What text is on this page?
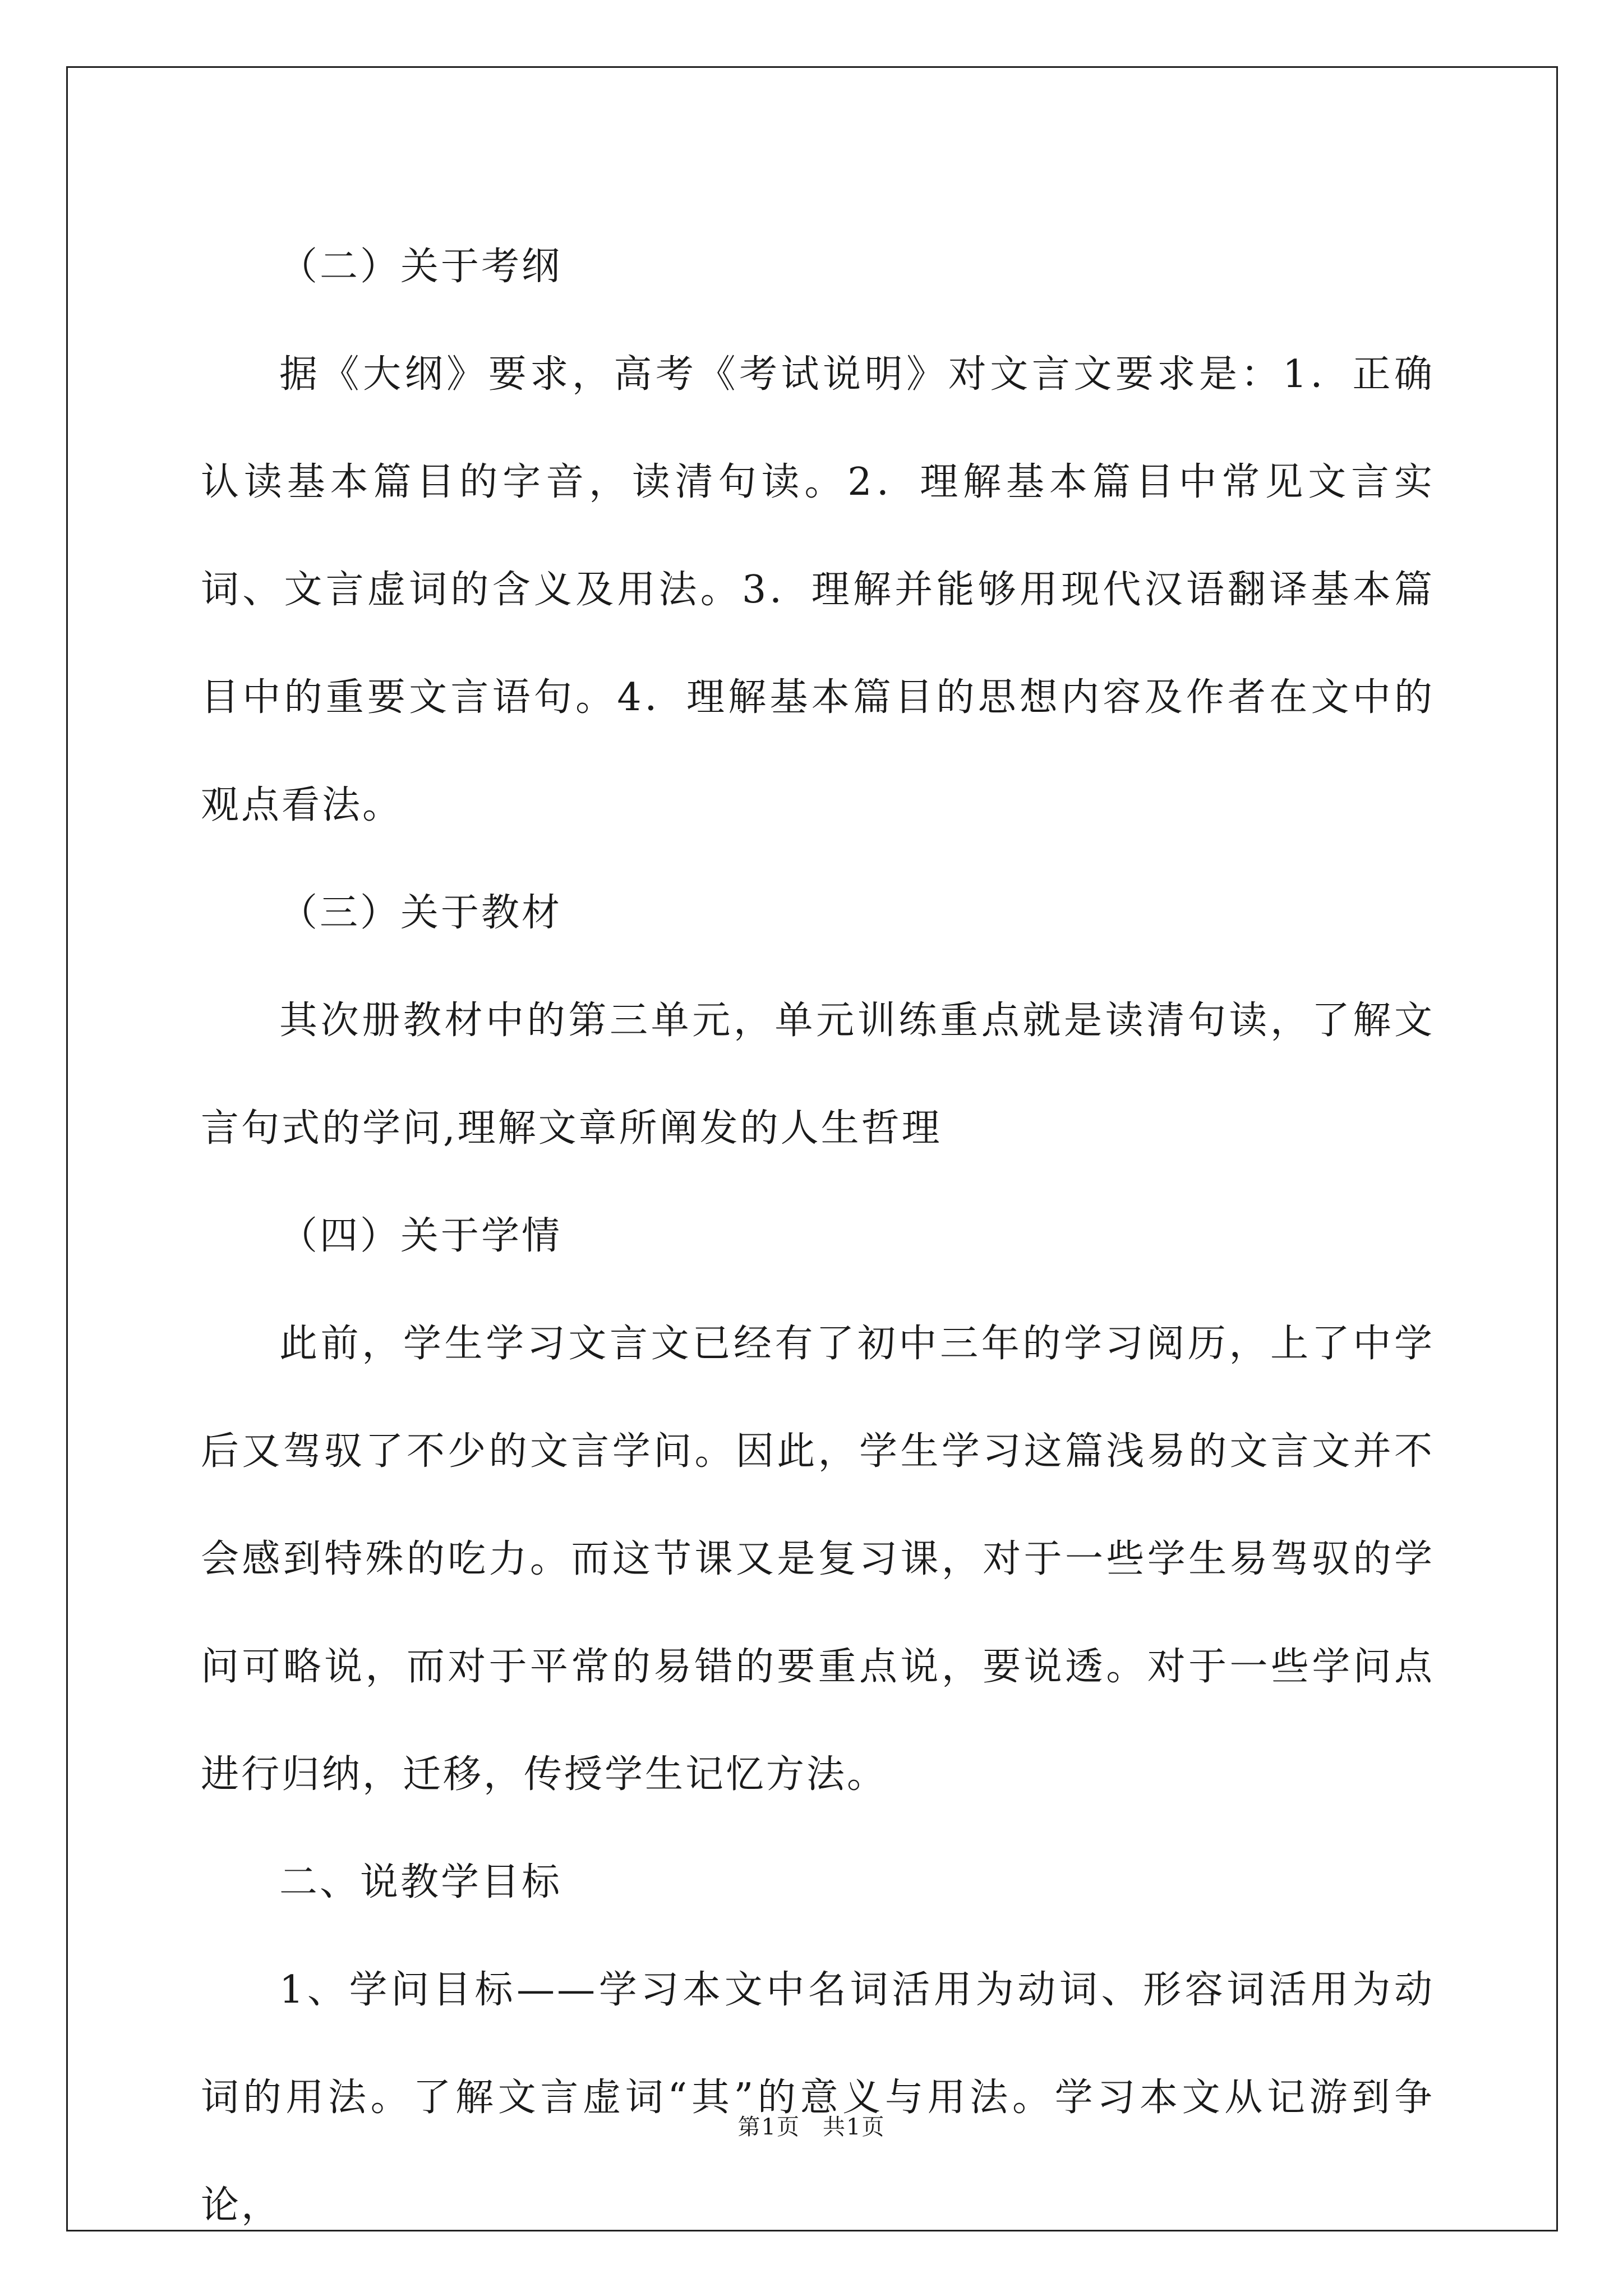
（二）关于考纲

据《大纲》要求，高考《考试说明》对文言文要求是：1．正确认读基本篇目的字音，读清句读。2．理解基本篇目中常见文言实词、文言虚词的含义及用法。3．理解并能够用现代汉语翻译基本篇目中的重要文言语句。4．理解基本篇目的思想内容及作者在文中的观点看法。

（三）关于教材

其次册教材中的第三单元，单元训练重点就是读清句读，了解文言句式的学问,理解文章所阐发的人生哲理

（四）关于学情

此前，学生学习文言文已经有了初中三年的学习阅历，上了中学后又驾驭了不少的文言学问。因此，学生学习这篇浅易的文言文并不会感到特殊的吃力。而这节课又是复习课，对于一些学生易驾驭的学问可略说，而对于平常的易错的要重点说，要说透。对于一些学问点进行归纳，迁移，传授学生记忆方法。

二、说教学目标

1、学问目标——学习本文中名词活用为动词、形容词活用为动词的用法。了解文言虚词“其”的意义与用法。学习本文从记游到争论，

第1页 共1页
